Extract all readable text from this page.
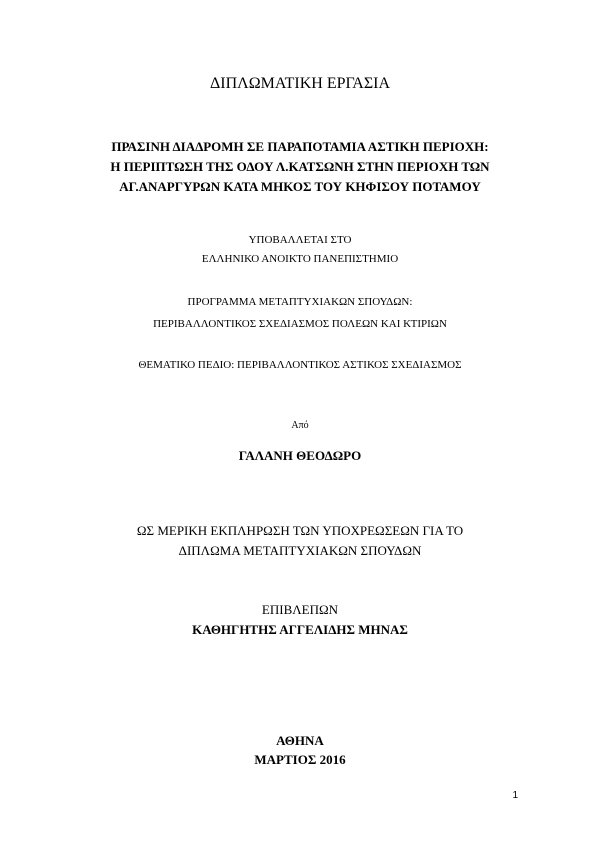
ΔΙΠΛΩΜΑΤΙΚΗ ΕΡΓΑΣΙΑ
ΠΡΑΣΙΝΗ ΔΙΑΔΡΟΜΗ ΣΕ ΠΑΡΑΠΟΤΑΜΙΑ ΑΣΤΙΚΗ ΠΕΡΙΟΧΗ:
Η ΠΕΡΙΠΤΩΣΗ ΤΗΣ ΟΔΟΥ Λ.ΚΑΤΣΩΝΗ ΣΤΗΝ ΠΕΡΙΟΧΗ ΤΩΝ
ΑΓ.ΑΝΑΡΓΥΡΩΝ ΚΑΤΑ ΜΗΚΟΣ ΤΟΥ ΚΗΦΙΣΟΥ ΠΟΤΑΜΟΥ
ΥΠΟΒΑΛΛΕΤΑΙ ΣΤΟ
ΕΛΛΗΝΙΚΟ ΑΝΟΙΚΤΟ ΠΑΝΕΠΙΣΤΗΜΙΟ
ΠΡΟΓΡΑΜΜΑ ΜΕΤΑΠΤΥΧΙΑΚΩΝ ΣΠΟΥΔΩΝ:
ΠΕΡΙΒΑΛΛΟΝΤΙΚΟΣ ΣΧΕΔΙΑΣΜΟΣ ΠΟΛΕΩΝ ΚΑΙ ΚΤΙΡΙΩΝ
ΘΕΜΑΤΙΚΟ ΠΕΔΙΟ: ΠΕΡΙΒΑΛΛΟΝΤΙΚΟΣ ΑΣΤΙΚΟΣ ΣΧΕΔΙΑΣΜΟΣ
Από
ΓΑΛΑΝΗ ΘΕΟΔΩΡΟ
ΩΣ ΜΕΡΙΚΗ ΕΚΠΛΗΡΩΣΗ ΤΩΝ ΥΠΟΧΡΕΩΣΕΩΝ ΓΙΑ ΤΟ
ΔΙΠΛΩΜΑ ΜΕΤΑΠΤΥΧΙΑΚΩΝ ΣΠΟΥΔΩΝ
ΕΠΙΒΛΕΠΩΝ
ΚΑΘΗΓΗΤΗΣ ΑΓΓΕΛΙΔΗΣ ΜΗΝΑΣ
ΑΘΗΝΑ
ΜΑΡΤΙΟΣ 2016
1
